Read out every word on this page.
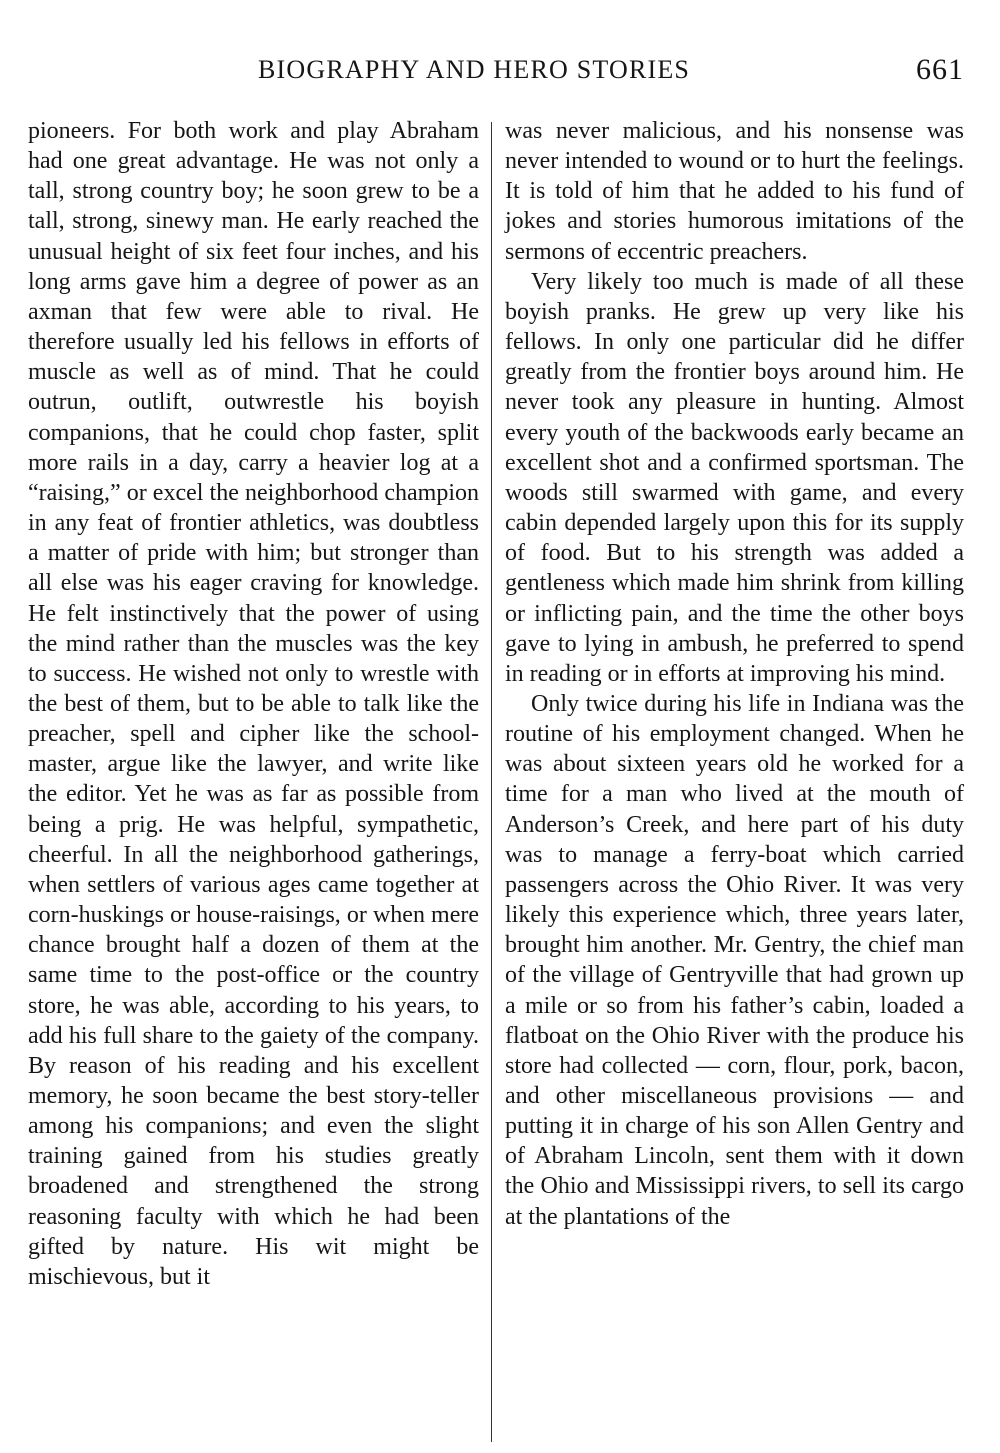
BIOGRAPHY AND HERO STORIES	661

pioneers. For both work and play Abraham had one great advantage. He was not only a tall, strong country boy; he soon grew to be a tall, strong, sinewy man. He early reached the unusual height of six feet four inches, and his long arms gave him a degree of power as an axman that few were able to rival. He therefore usually led his fellows in efforts of muscle as well as of mind. That he could outrun, outlift, outwrestle his boyish companions, that he could chop faster, split more rails in a day, carry a heavier log at a “raising,” or excel the neighborhood champion in any feat of frontier athletics, was doubtless a matter of pride with him; but stronger than all else was his eager craving for knowledge. He felt instinctively that the power of using the mind rather than the muscles was the key to success. He wished not only to wrestle with the best of them, but to be able to talk like the preacher, spell and cipher like the school-master, argue like the lawyer, and write like the editor. Yet he was as far as possible from being a prig. He was helpful, sympathetic, cheerful. In all the neighborhood gatherings, when settlers of various ages came together at corn-huskings or house-raisings, or when mere chance brought half a dozen of them at the same time to the post-office or the country store, he was able, according to his years, to add his full share to the gaiety of the company. By reason of his reading and his excellent memory, he soon became the best story-teller among his companions; and even the slight training gained from his studies greatly broadened and strengthened the strong reasoning faculty with which he had been gifted by nature. His wit might be mischievous, but it

was never malicious, and his nonsense was never intended to wound or to hurt the feelings. It is told of him that he added to his fund of jokes and stories humorous imitations of the sermons of eccentric preachers.

Very likely too much is made of all these boyish pranks. He grew up very like his fellows. In only one particular did he differ greatly from the frontier boys around him. He never took any pleasure in hunting. Almost every youth of the backwoods early became an excellent shot and a confirmed sportsman. The woods still swarmed with game, and every cabin depended largely upon this for its supply of food. But to his strength was added a gentleness which made him shrink from killing or inflicting pain, and the time the other boys gave to lying in ambush, he preferred to spend in reading or in efforts at improving his mind.

Only twice during his life in Indiana was the routine of his employment changed. When he was about sixteen years old he worked for a time for a man who lived at the mouth of Anderson’s Creek, and here part of his duty was to manage a ferry-boat which carried passengers across the Ohio River. It was very likely this experience which, three years later, brought him another. Mr. Gentry, the chief man of the village of Gentryville that had grown up a mile or so from his father’s cabin, loaded a flatboat on the Ohio River with the produce his store had collected — corn, flour, pork, bacon, and other miscellaneous provisions — and putting it in charge of his son Allen Gentry and of Abraham Lincoln, sent them with it down the Ohio and Mississippi rivers, to sell its cargo at the plantations of the
